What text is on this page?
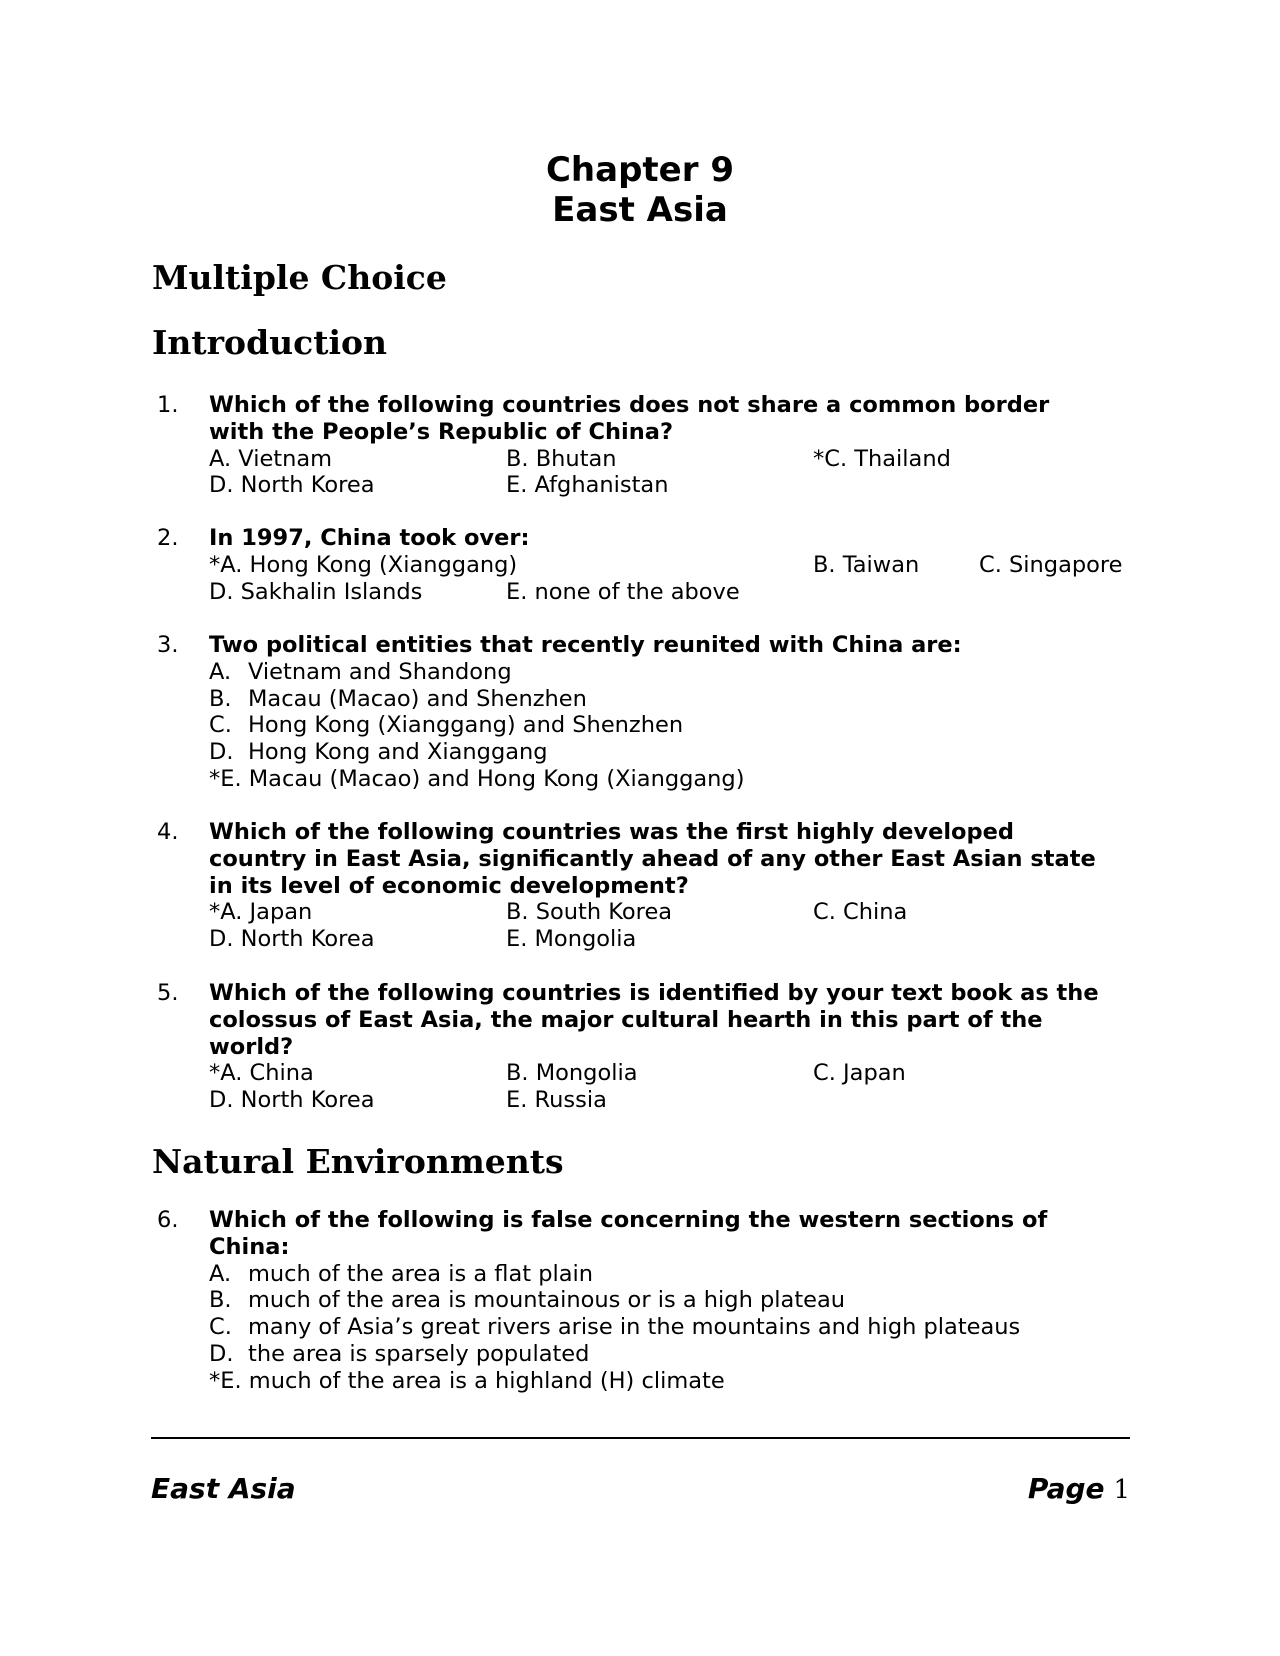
Chapter 9
East Asia
Multiple Choice
Introduction
1. Which of the following countries does not share a common border
with the People’s Republic of China?
A. Vietnam	B. Bhutan	*C. Thailand
D. North Korea	E. Afghanistan
2. In 1997, China took over:
*A. Hong Kong (Xianggang)	B. Taiwan	C. Singapore
D. Sakhalin Islands	E. none of the above
3. Two political entities that recently reunited with China are:
A. Vietnam and Shandong
B. Macau (Macao) and Shenzhen
C. Hong Kong (Xianggang) and Shenzhen
D. Hong Kong and Xianggang
*E. Macau (Macao) and Hong Kong (Xianggang)
4. Which of the following countries was the first highly developed
country in East Asia, significantly ahead of any other East Asian state
in its level of economic development?
*A. Japan	B. South Korea	C. China
D. North Korea	E. Mongolia
5. Which of the following countries is identified by your text book as the
colossus of East Asia, the major cultural hearth in this part of the
world?
*A. China	B. Mongolia	C. Japan
D. North Korea	E. Russia
Natural Environments
6. Which of the following is false concerning the western sections of
China:
A. much of the area is a flat plain
B. much of the area is mountainous or is a high plateau
C. many of Asia’s great rivers arise in the mountains and high plateaus
D. the area is sparsely populated
*E. much of the area is a highland (H) climate
East Asia	Page 1
